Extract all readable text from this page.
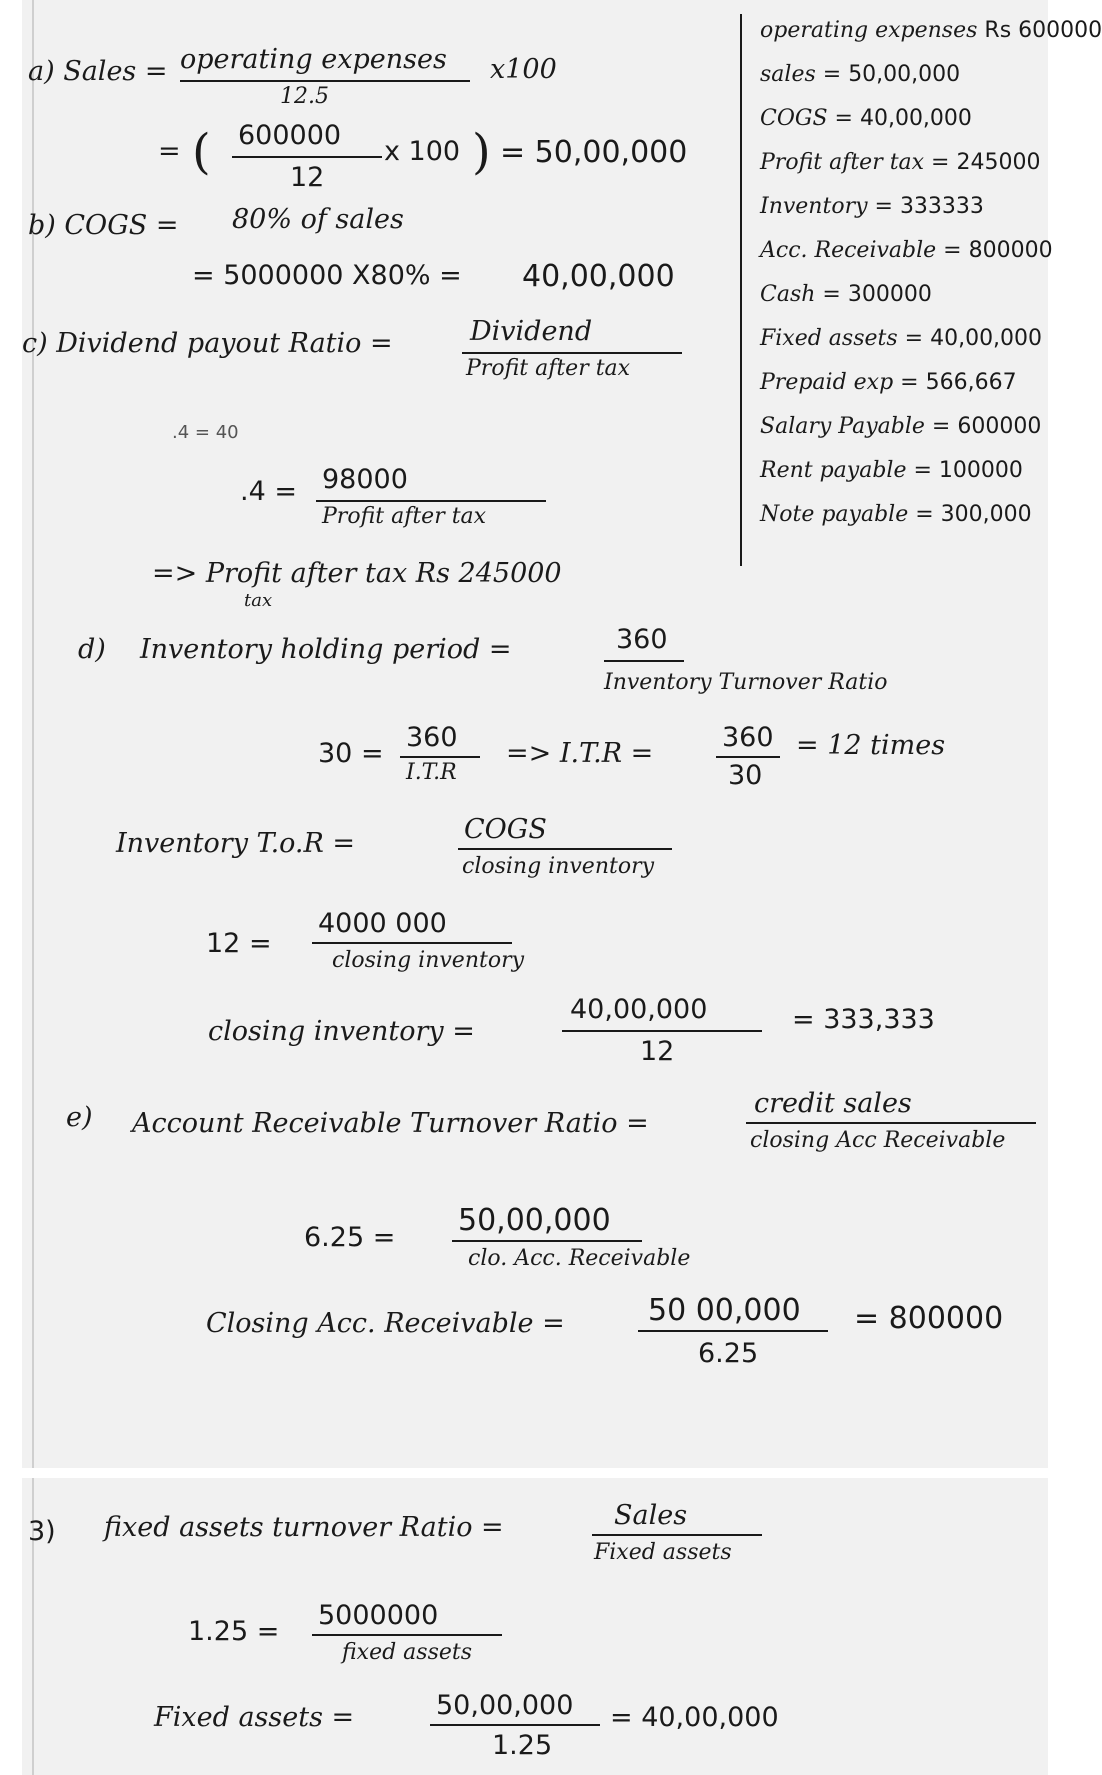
a) Sales = operating expenses
12.5
x100
= ( 600000
12
x 100 ) = 50,00,000
b) COGS = 80% of sales
= 5000000 X80% = 40,00,000
c) Dividend payout Ratio =	Dividend
Profit after tax
.4 = 40
.4 = 98000
Profit after tax
=> Profit after tax Rs 245000
tax
d) Inventory holding period =	360
Inventory Turnover Ratio
30 =
360
I.T.R
=> I.T.R =
360
30
= 12 times
Inventory T.o.R =	COGS
closing inventory
12 =
4000 000
closing inventory
closing inventory =
40,00,000
12
= 333,333
e) Account Receivable Turnover Ratio =
credit sales
closing Acc Receivable
6.25 = 50,00,000
clo. Acc. Receivable
Closing Acc. Receivable =	50 00,000
6.25
= 800000
operating expenses Rs 600000
sales = 50,00,000
COGS = 40,00,000
Profit after tax = 245000
Inventory = 333333
Acc. Receivable = 800000
Cash = 300000
Fixed assets = 40,00,000
Prepaid exp = 566,667
Salary Payable = 600000
Rent payable = 100000
Note payable = 300,000
3) fixed assets turnover Ratio =	Sales
Fixed assets
1.25 =
5000000
fixed assets
Fixed assets =	50,00,000
1.25
= 40,00,000
